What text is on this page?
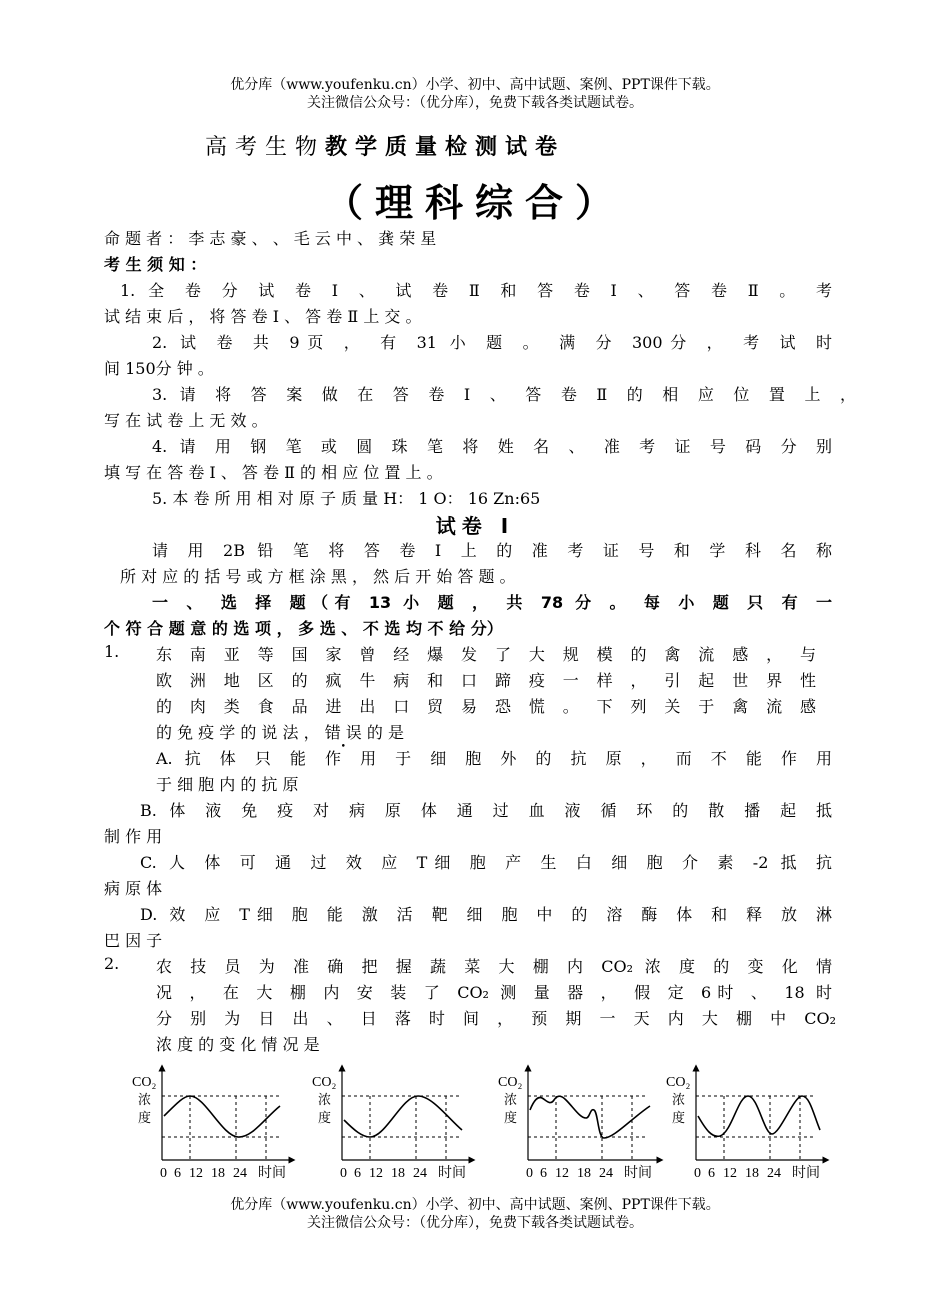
优分库（www.youfenku.cn）小学、初中、高中试题、案例、PPT课件下载。
关注微信公众号：（优分库），免费下载各类试题试卷。
高考生物教学质量检测试卷
（理科综合）
命 题 者 ： 李 志 豪 、 、 毛 云 中 、 龚 荣 星
考 生 须 知 ：
1. 全 卷 分 试 卷 Ⅰ 、 试 卷 Ⅱ 和 答 卷 Ⅰ 、 答 卷 Ⅱ 。 考
试 结 束 后 ， 将 答 卷 Ⅰ 、 答 卷 Ⅱ 上 交 。
2. 试 卷 共 9页 ， 有 31 小 题 。 满 分 300分 ， 考 试 时
间 150分 钟 。
3. 请 将 答 案 做 在 答 卷 Ⅰ 、 答 卷 Ⅱ 的 相 应 位 置 上 ，
写 在 试 卷 上 无 效 。
4. 请 用 钢 笔 或 圆 珠 笔 将 姓 名 、 准 考 证 号 码 分 别
填 写 在 答 卷 Ⅰ 、 答 卷 Ⅱ 的 相 应 位 置 上 。
5. 本 卷 所 用 相 对 原 子 质 量 H： 1 O： 16 Zn:65
试卷 Ⅰ
请 用 2B 铅 笔 将 答 卷 Ⅰ 上 的 准 考 证 号 和 学 科 名 称
所 对 应 的 括 号 或 方 框 涂 黑 ， 然 后 开 始 答 题 。
一 、 选 择 题（有 13 小 题 ， 共 78 分 。 每 小 题 只 有 一
个 符 合 题 意 的 选 项 ， 多 选 、 不 选 均 不 给 分）
1. 东 南 亚 等 国 家 曾 经 爆 发 了 大 规 模 的 禽 流 感 ， 与
欧 洲 地 区 的 疯 牛 病 和 口 蹄 疫 一 样 ， 引 起 世 界 性
的 肉 类 食 品 进 出 口 贸 易 恐 慌 。 下 列 关 于 禽 流 感
的 免 疫 学 的 说 法 ， 错 误 • 的 是
A. 抗 体 只 能 作 用 于 细 胞 外 的 抗 原 ， 而 不 能 作 用
于 细 胞 内 的 抗 原
B. 体 液 免 疫 对 病 原 体 通 过 血 液 循 环 的 散 播 起 抵
制 作 用
C. 人 体 可 通 过 效 应 T细 胞 产 生 白 细 胞 介 素 -2 抵 抗
病 原 体
D. 效 应 T细 胞 能 激 活 靶 细 胞 中 的 溶 酶 体 和 释 放 淋
巴 因 子
2. 农 技 员 为 准 确 把 握 蔬 菜 大 棚 内 CO₂ 浓 度 的 变 化 情
况 ， 在 大 棚 内 安 装 了 CO₂ 测 量 器 ， 假 定 6时 、 18 时
分 别 为 日 出 、 日 落 时 间 ， 预 期 一 天 内 大 棚 中 CO₂
浓 度 的 变 化 情 况 是
CO₂
浓
度
0 6 12 18 24 时间
CO₂
浓
度
0 6 12 18 24 时间
CO₂
浓
度
0 6 12 18 24 时间
CO₂
浓
度
0 6 12 18 24 时间
优分库（www.youfenku.cn）小学、初中、高中试题、案例、PPT课件下载。
关注微信公众号：（优分库），免费下载各类试题试卷。
